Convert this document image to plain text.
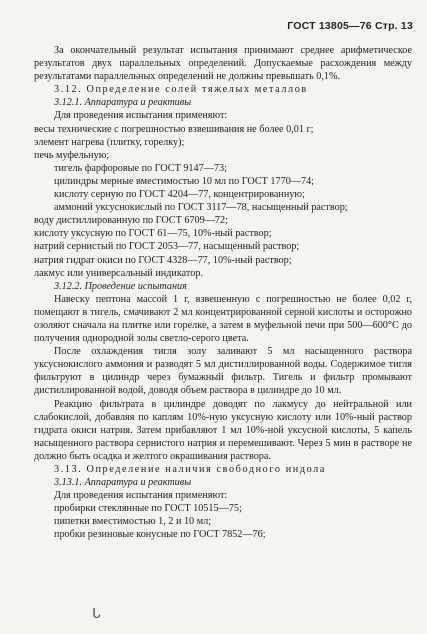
ГОСТ 13805—76 Стр. 13
За окончательный результат испытания принимают среднее арифметическое результатов двух параллельных определений. Допускаемые расхождения между результатами параллельных определений не должны превышать 0,1%.
3.12. Определение солей тяжелых металлов
3.12.1. Аппаратура и реактивы
Для проведения испытания применяют:
весы технические с погрешностью взвешивания не более 0,01 г;
элемент нагрева (плитку, горелку);
печь муфельную;
тигель фарфоровые по ГОСТ 9147—73;
цилиндры мерные вместимостью 10 мл по ГОСТ 1770—74;
кислоту серную по ГОСТ 4204—77, концентрированную;
аммоний уксуснокислый по ГОСТ 3117—78, насыщенный раствор;
воду дистиллированную по ГОСТ 6709—72;
кислоту уксусную по ГОСТ 61—75, 10%-ный раствор;
натрий сернистый по ГОСТ 2053—77, насыщенный раствор;
натрия гидрат окиси по ГОСТ 4328—77, 10%-ный раствор;
лакмус или универсальный индикатор.
3.12.2. Проведение испытания
Навеску пептона массой 1 г, взвешенную с погрешностью не более 0,02 г, помещают в тигель, смачивают 2 мл концентрированной серной кислоты и осторожно озоляют сначала на плитке или горелке, а затем в муфельной печи при 500—600°С до получения однородной золы светло-серого цвета.
После охлаждения тигля золу заливают 5 мл насыщенного раствора уксуснокислого аммония и разводят 5 мл дистиллированной воды. Содержимое тигля фильтруют в цилиндр через бумажный фильтр. Тигель и фильтр промывают дистиллированной водой, доводя объем раствора в цилиндре до 10 мл.
Реакцию фильтрата в цилиндре доводят по лакмусу до нейтральной или слабокислой, добавляя по каплям 10%-ную уксусную кислоту или 10%-ный раствор гидрата окиси натрия. Затем прибавляют 1 мл 10%-ной уксусной кислоты, 5 капель насыщенного раствора сернистого натрия и перемешивают. Через 5 мин в растворе не должно быть осадка и желтого окрашивания раствора.
3.13. Определение наличия свободного индола
3.13.1. Аппаратура и реактивы
Для проведения испытания применяют:
пробирки стеклянные по ГОСТ 10515—75;
пипетки вместимостью 1, 2 и 10 мл;
пробки резиновые конусные по ГОСТ 7852—76;
ᒐ
